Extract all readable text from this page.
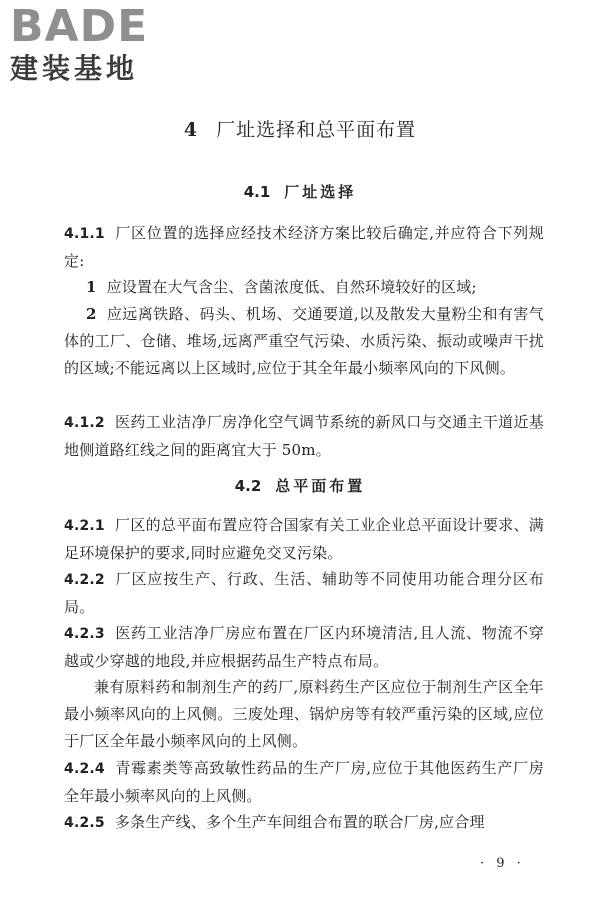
BADE
建装基地
4 厂址选择和总平面布置
4.1 厂址选择
4.1.1 厂区位置的选择应经技术经济方案比较后确定,并应符合下列规定:
1 应设置在大气含尘、含菌浓度低、自然环境较好的区域;
2 应远离铁路、码头、机场、交通要道,以及散发大量粉尘和有害气体的工厂、仓储、堆场,远离严重空气污染、水质污染、振动或噪声干扰的区域;不能远离以上区域时,应位于其全年最小频率风向的下风侧。
4.1.2 医药工业洁净厂房净化空气调节系统的新风口与交通主干道近基地侧道路红线之间的距离宜大于 50m。
4.2 总平面布置
4.2.1 厂区的总平面布置应符合国家有关工业企业总平面设计要求、满足环境保护的要求,同时应避免交叉污染。
4.2.2 厂区应按生产、行政、生活、辅助等不同使用功能合理分区布局。
4.2.3 医药工业洁净厂房应布置在厂区内环境清洁,且人流、物流不穿越或少穿越的地段,并应根据药品生产特点布局。
兼有原料药和制剂生产的药厂,原料药生产区应位于制剂生产区全年最小频率风向的上风侧。三废处理、锅炉房等有较严重污染的区域,应位于厂区全年最小频率风向的上风侧。
4.2.4 青霉素类等高致敏性药品的生产厂房,应位于其他医药生产厂房全年最小频率风向的上风侧。
4.2.5 多条生产线、多个生产车间组合布置的联合厂房,应合理
· 9 ·
